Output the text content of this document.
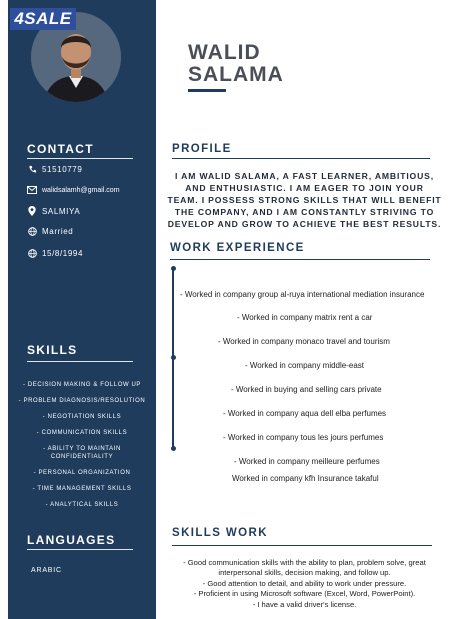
4SALE
WALID
SALAMA
CONTACT
51510779
walidsalamh@gmail.com
SALMIYA
Married
15/8/1994
SKILLS
- DECISION MAKING & FOLLOW UP
- PROBLEM DIAGNOSIS/RESOLUTION
- NEGOTIATION SKILLS
- COMMUNICATION SKILLS
- ABILITY TO MAINTAIN
CONFIDENTIALITY
- PERSONAL ORGANIZATION
- TIME MANAGEMENT SKILLS
- ANALYTICAL SKILLS
LANGUAGES
ARABIC
PROFILE
I AM WALID SALAMA, A FAST LEARNER, AMBITIOUS,
AND ENTHUSIASTIC. I AM EAGER TO JOIN YOUR
TEAM. I POSSESS STRONG SKILLS THAT WILL BENEFIT
THE COMPANY, AND I AM CONSTANTLY STRIVING TO
DEVELOP AND GROW TO ACHIEVE THE BEST RESULTS.
WORK EXPERIENCE
- Worked in company group al-ruya international mediation insurance
- Worked in company matrix rent a car
- Worked in company monaco travel and tourism
- Worked in company middle-east
- Worked in buying and selling cars private
- Worked in company aqua dell elba perfumes
- Worked in company tous les jours perfumes
- Worked in company meilleure perfumes
Worked in company kfh Insurance takaful
SKILLS WORK
- Good communication skills with the ability to plan, problem solve, great
interpersonal skills, decision making, and follow up.
- Good attention to detail, and ability to work under pressure.
- Proficient in using Microsoft software (Excel, Word, PowerPoint).
- I have a valid driver's license.
